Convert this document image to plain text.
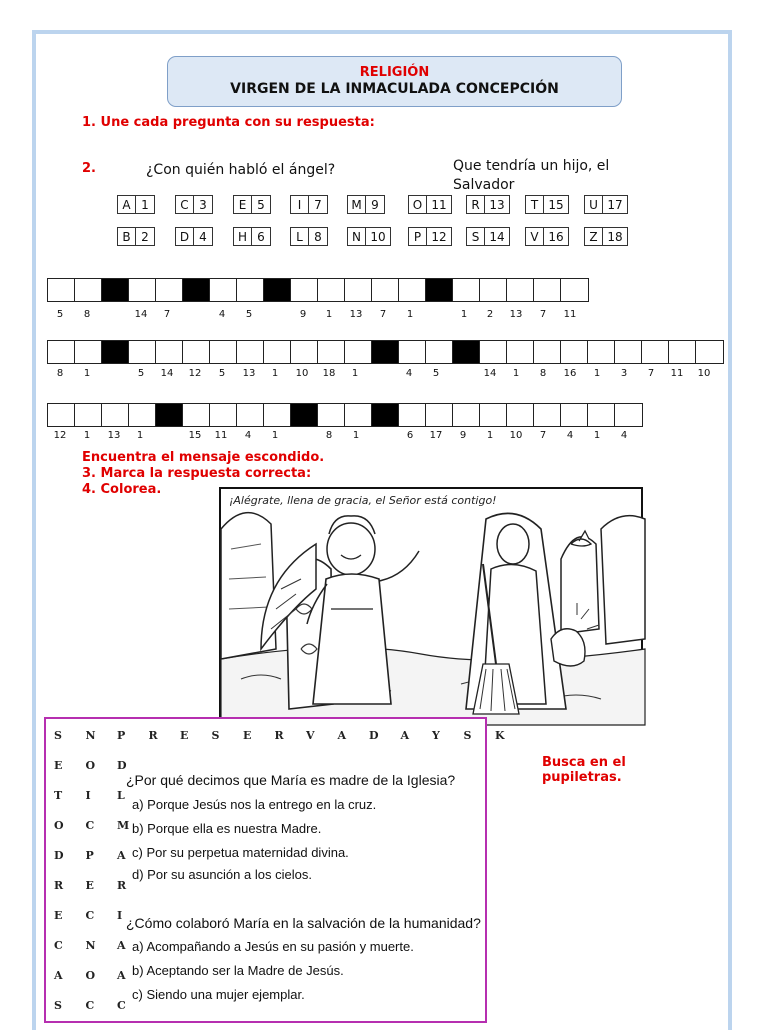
RELIGIÓN
VIRGEN DE LA INMACULADA CONCEPCIÓN
1. Une cada pregunta con su respuesta:
2.	¿Con quién habló el ángel?	Que tendría un hijo, el Salvador
A 1	C 3	E 5	I	7	M 9	O 11	R 13	T 15	U 17
B 2	D 4	H 6	L 8	N 10	P 12	S 14	V 16	Z 18
5	8	14	7	4	5	9	1	13	7	1	1	2	13	7	11
8	1	5	14	12	5	13	1	10	18	1	4	5	14	1	8	16	1	3	7	11	10
12	1	13	1	15	11	4	1	8	1	6	17	9	1	10	7	4	1	4
Encuentra el mensaje escondido.
3. Marca la respuesta correcta:
4. Colorea.
¡Alégrate, llena de gracia, el Señor está contigo!
S N P R E S E R V A D A Y S K
E O D
T I L
O C M
D P A
R E R
E C I
C N A
A O A
S C C
¿Por qué decimos que María es madre de la Iglesia?
a) Porque Jesús nos la entrego en la cruz.
b) Porque ella es nuestra Madre.
c) Por su perpetua maternidad divina.
d) Por su asunción a los cielos.
¿Cómo colaboró María en la salvación de la humanidad?
a) Acompañando a Jesús en su pasión y muerte.
b) Aceptando ser la Madre de Jesús.
c) Siendo una mujer ejemplar.
Busca en el pupiletras.
